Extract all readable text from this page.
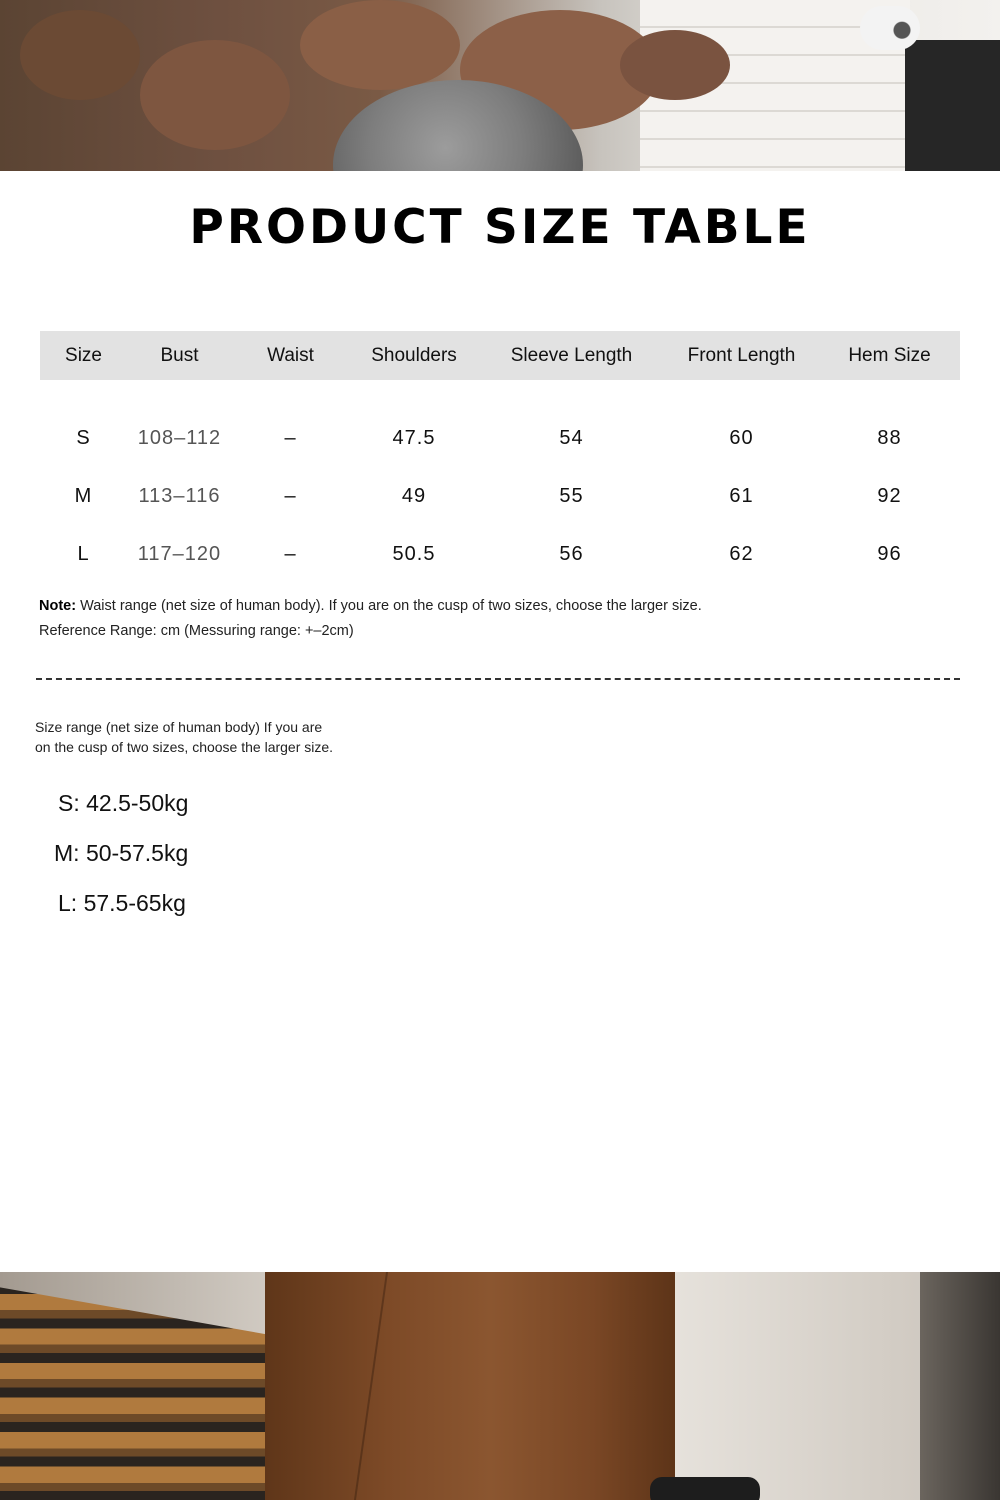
PRODUCT SIZE TABLE
Size	Bust	Waist	Shoulders	Sleeve Length	Front Length	Hem Size
S	108–112	–	47.5	54	60	88
M	113–116	–	49	55	61	92
L	117–120	–	50.5	56	62	96
Note: Waist range (net size of human body). If you are on the cusp of two sizes, choose the larger size.
Reference Range: cm (Messuring range: +–2cm)
Size range (net size of human body) If you are
on the cusp of two sizes, choose the larger size.
S: 42.5-50kg
M: 50-57.5kg
L: 57.5-65kg
